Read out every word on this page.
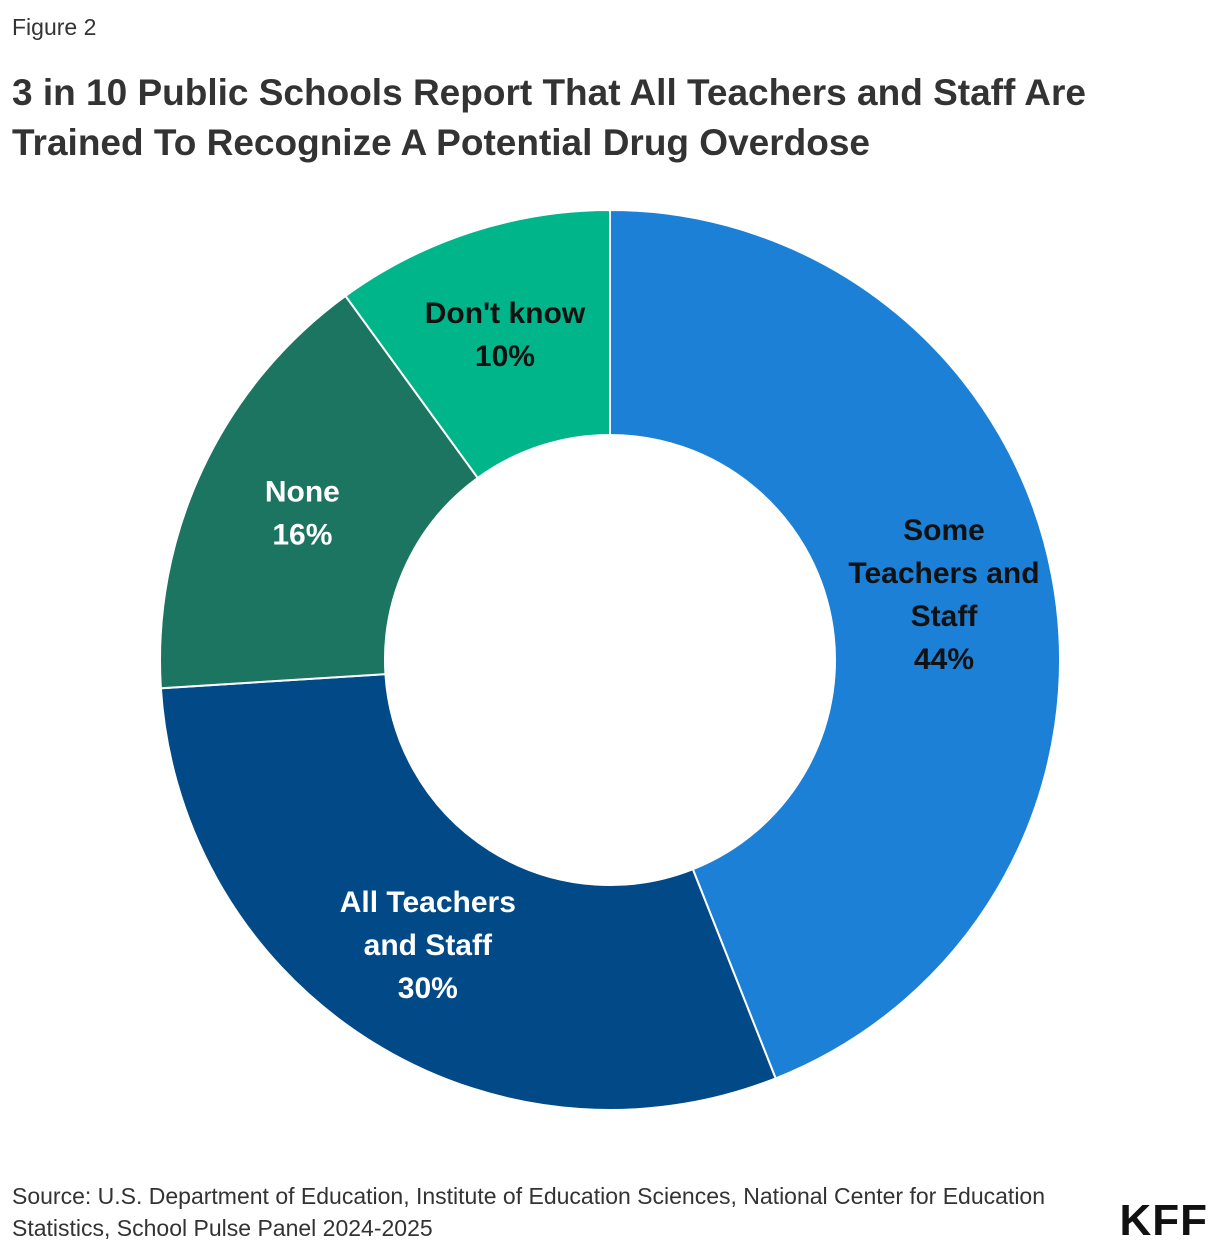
Figure 2
3 in 10 Public Schools Report That All Teachers and Staff Are Trained To Recognize A Potential Drug Overdose
Some Teachers and Staff 44%
All Teachers and Staff 30%
None 16%
Don't know 10%
Source: U.S. Department of Education, Institute of Education Sciences, National Center for Education Statistics, School Pulse Panel 2024-2025	KFF
